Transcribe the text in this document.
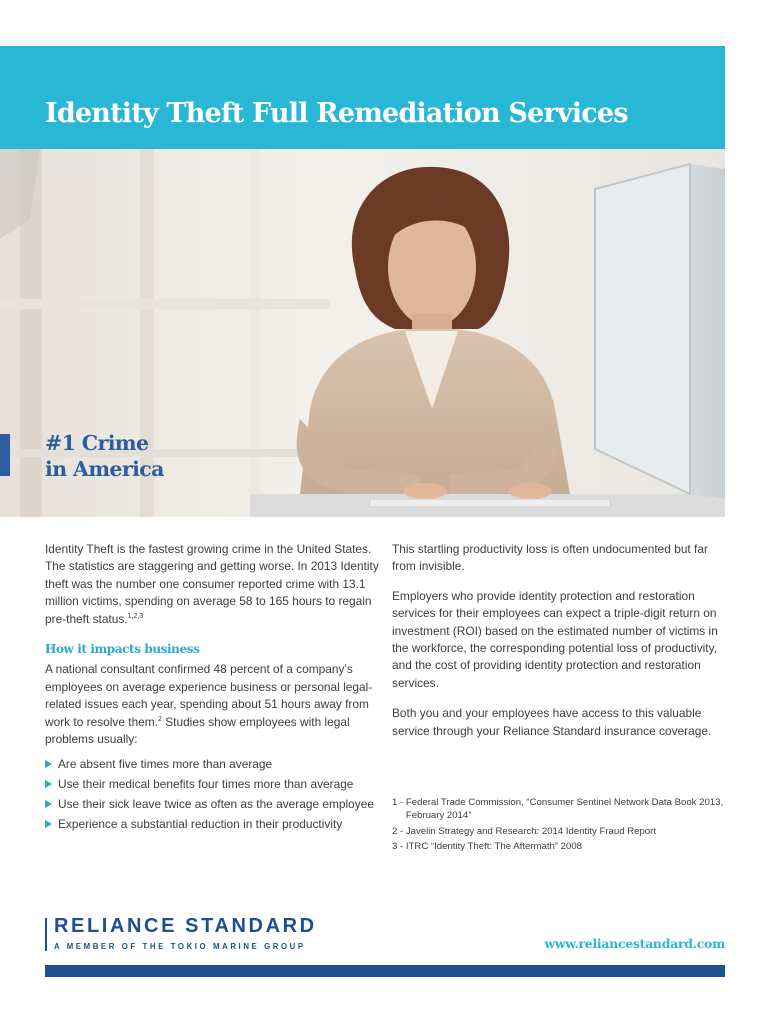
Identity Theft Full Remediation Services
#1 Crime
in America

Identity Theft is the fastest growing crime in the United States. The statistics are staggering and getting worse. In 2013 Identity theft was the number one consumer reported crime with 13.1 million victims, spending on average 58 to 165 hours to regain pre-theft status.$^{1,2,3}$

How it impacts business

A national consultant confirmed 48 percent of a company’s employees on average experience business or personal legal-related issues each year, spending about 51 hours away from work to resolve them.$^2$ Studies show employees with legal problems usually:

Are absent five times more than average
Use their medical benefits four times more than average
Use their sick leave twice as often as the average employee
Experience a substantial reduction in their productivity

This startling productivity loss is often undocumented but far from invisible.

Employers who provide identity protection and restoration services for their employees can expect a triple-digit return on investment (ROI) based on the estimated number of victims in the workforce, the corresponding potential loss of productivity, and the cost of providing identity protection and restoration services.

Both you and your employees have access to this valuable service through your Reliance Standard insurance coverage.

1 - Federal Trade Commission, “Consumer Sentinel Network Data Book 2013, February 2014”
2 - Javelin Strategy and Research: 2014 Identity Fraud Report
3 - ITRC “Identity Theft: The Aftermath” 2008
RELIANCE STANDARD
A MEMBER OF THE TOKIO MARINE GROUP	www.reliancestandard.com
